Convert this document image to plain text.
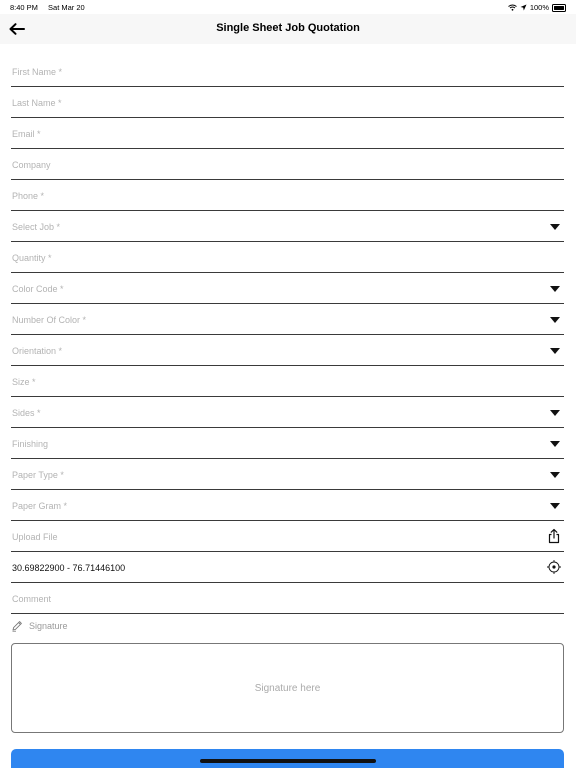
8:40 PM Sat Mar 20	100%
Single Sheet Job Quotation
First Name *
Last Name *
Email *
Company
Phone *
Select Job *
Quantity *
Color Code *
Number Of Color *
Orientation *
Size *
Sides *
Finishing
Paper Type *
Paper Gram *
Upload File
30.69822900 - 76.71446100
Comment
Signature
Signature here
